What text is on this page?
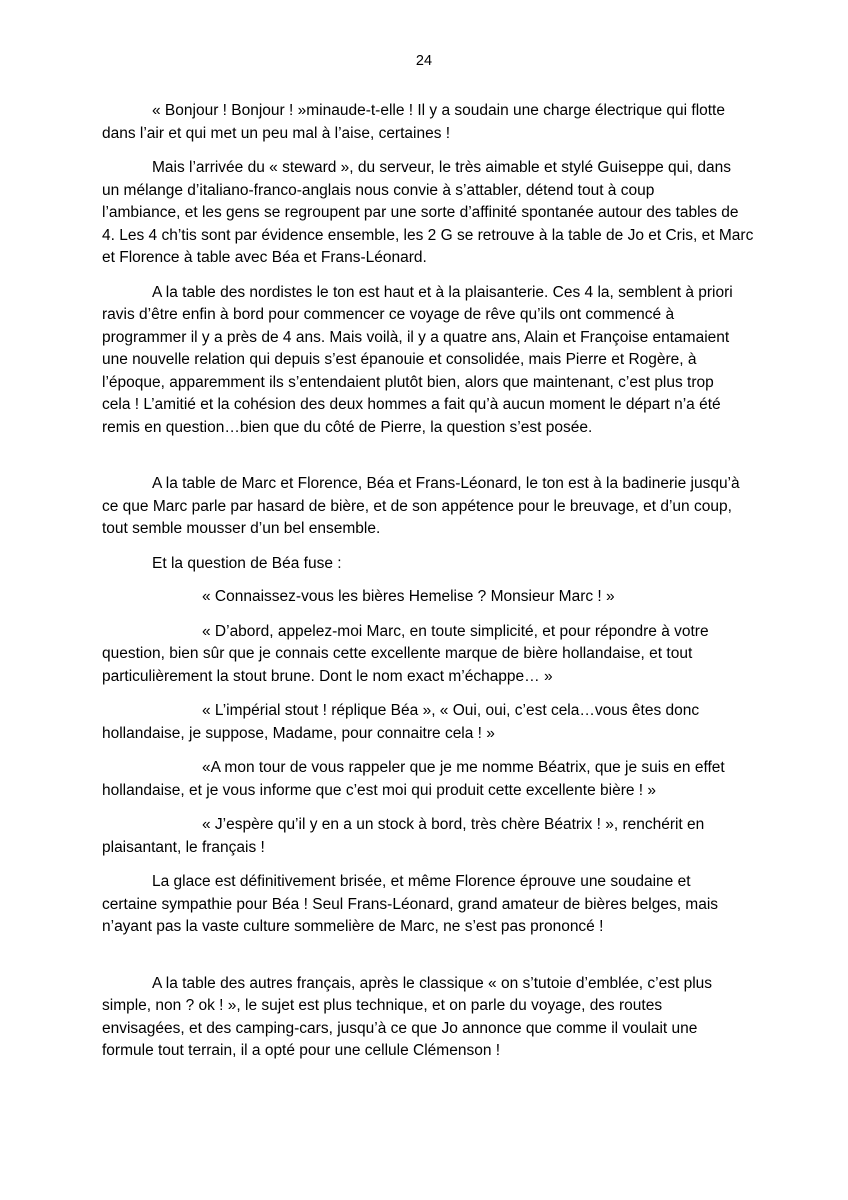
24
« Bonjour ! Bonjour ! »minaude-t-elle ! Il y a soudain une charge électrique qui flotte
dans l’air et qui met un peu mal à l’aise, certaines !
Mais l’arrivée du « steward », du serveur, le très aimable et stylé Guiseppe qui, dans
un mélange d’italiano-franco-anglais nous convie à s’attabler, détend tout à coup
l’ambiance, et les gens se regroupent par une sorte d’affinité spontanée autour des tables de
4. Les 4 ch’tis sont par évidence ensemble, les 2 G se retrouve à la table de Jo et Cris, et Marc
et Florence à table avec Béa et Frans-Léonard.
A la table des nordistes le ton est haut et à la plaisanterie. Ces 4 la, semblent à priori
ravis d’être enfin à bord pour commencer ce voyage de rêve qu’ils ont commencé à
programmer il y a près de 4 ans. Mais voilà, il y a quatre ans, Alain et Françoise entamaient
une nouvelle relation qui depuis s’est épanouie et consolidée, mais Pierre et Rogère, à
l’époque, apparemment ils s’entendaient plutôt bien, alors que maintenant, c’est plus trop
cela ! L’amitié et la cohésion des deux hommes a fait qu’à aucun moment le départ n’a été
remis en question…bien que du côté de Pierre, la question s’est posée.
A la table de Marc et Florence, Béa et Frans-Léonard, le ton est à la badinerie jusqu’à
ce que Marc parle par hasard de bière, et de son appétence pour le breuvage, et d’un coup,
tout semble mousser d’un bel ensemble.
Et la question de Béa fuse :
« Connaissez-vous les bières Hemelise ? Monsieur Marc ! »
« D’abord, appelez-moi Marc, en toute simplicité, et pour répondre à votre
question, bien sûr que je connais cette excellente marque de bière hollandaise, et tout
particulièrement la stout brune. Dont le nom exact m’échappe… »
« L’impérial stout ! réplique Béa », « Oui, oui, c’est cela…vous êtes donc
hollandaise, je suppose, Madame, pour connaitre cela ! »
«A mon tour de vous rappeler que je me nomme Béatrix, que je suis en effet
hollandaise, et je vous informe que c’est moi qui produit cette excellente bière ! »
« J’espère qu’il y en a un stock à bord, très chère Béatrix ! », renchérit en
plaisantant, le français !
La glace est définitivement brisée, et même Florence éprouve une soudaine et
certaine sympathie pour Béa ! Seul Frans-Léonard, grand amateur de bières belges, mais
n’ayant pas la vaste culture sommelière de Marc, ne s’est pas prononcé !
A la table des autres français, après le classique « on s’tutoie d’emblée, c’est plus
simple, non ? ok ! », le sujet est plus technique, et on parle du voyage, des routes
envisagées, et des camping-cars, jusqu’à ce que Jo annonce que comme il voulait une
formule tout terrain, il a opté pour une cellule Clémenson !
